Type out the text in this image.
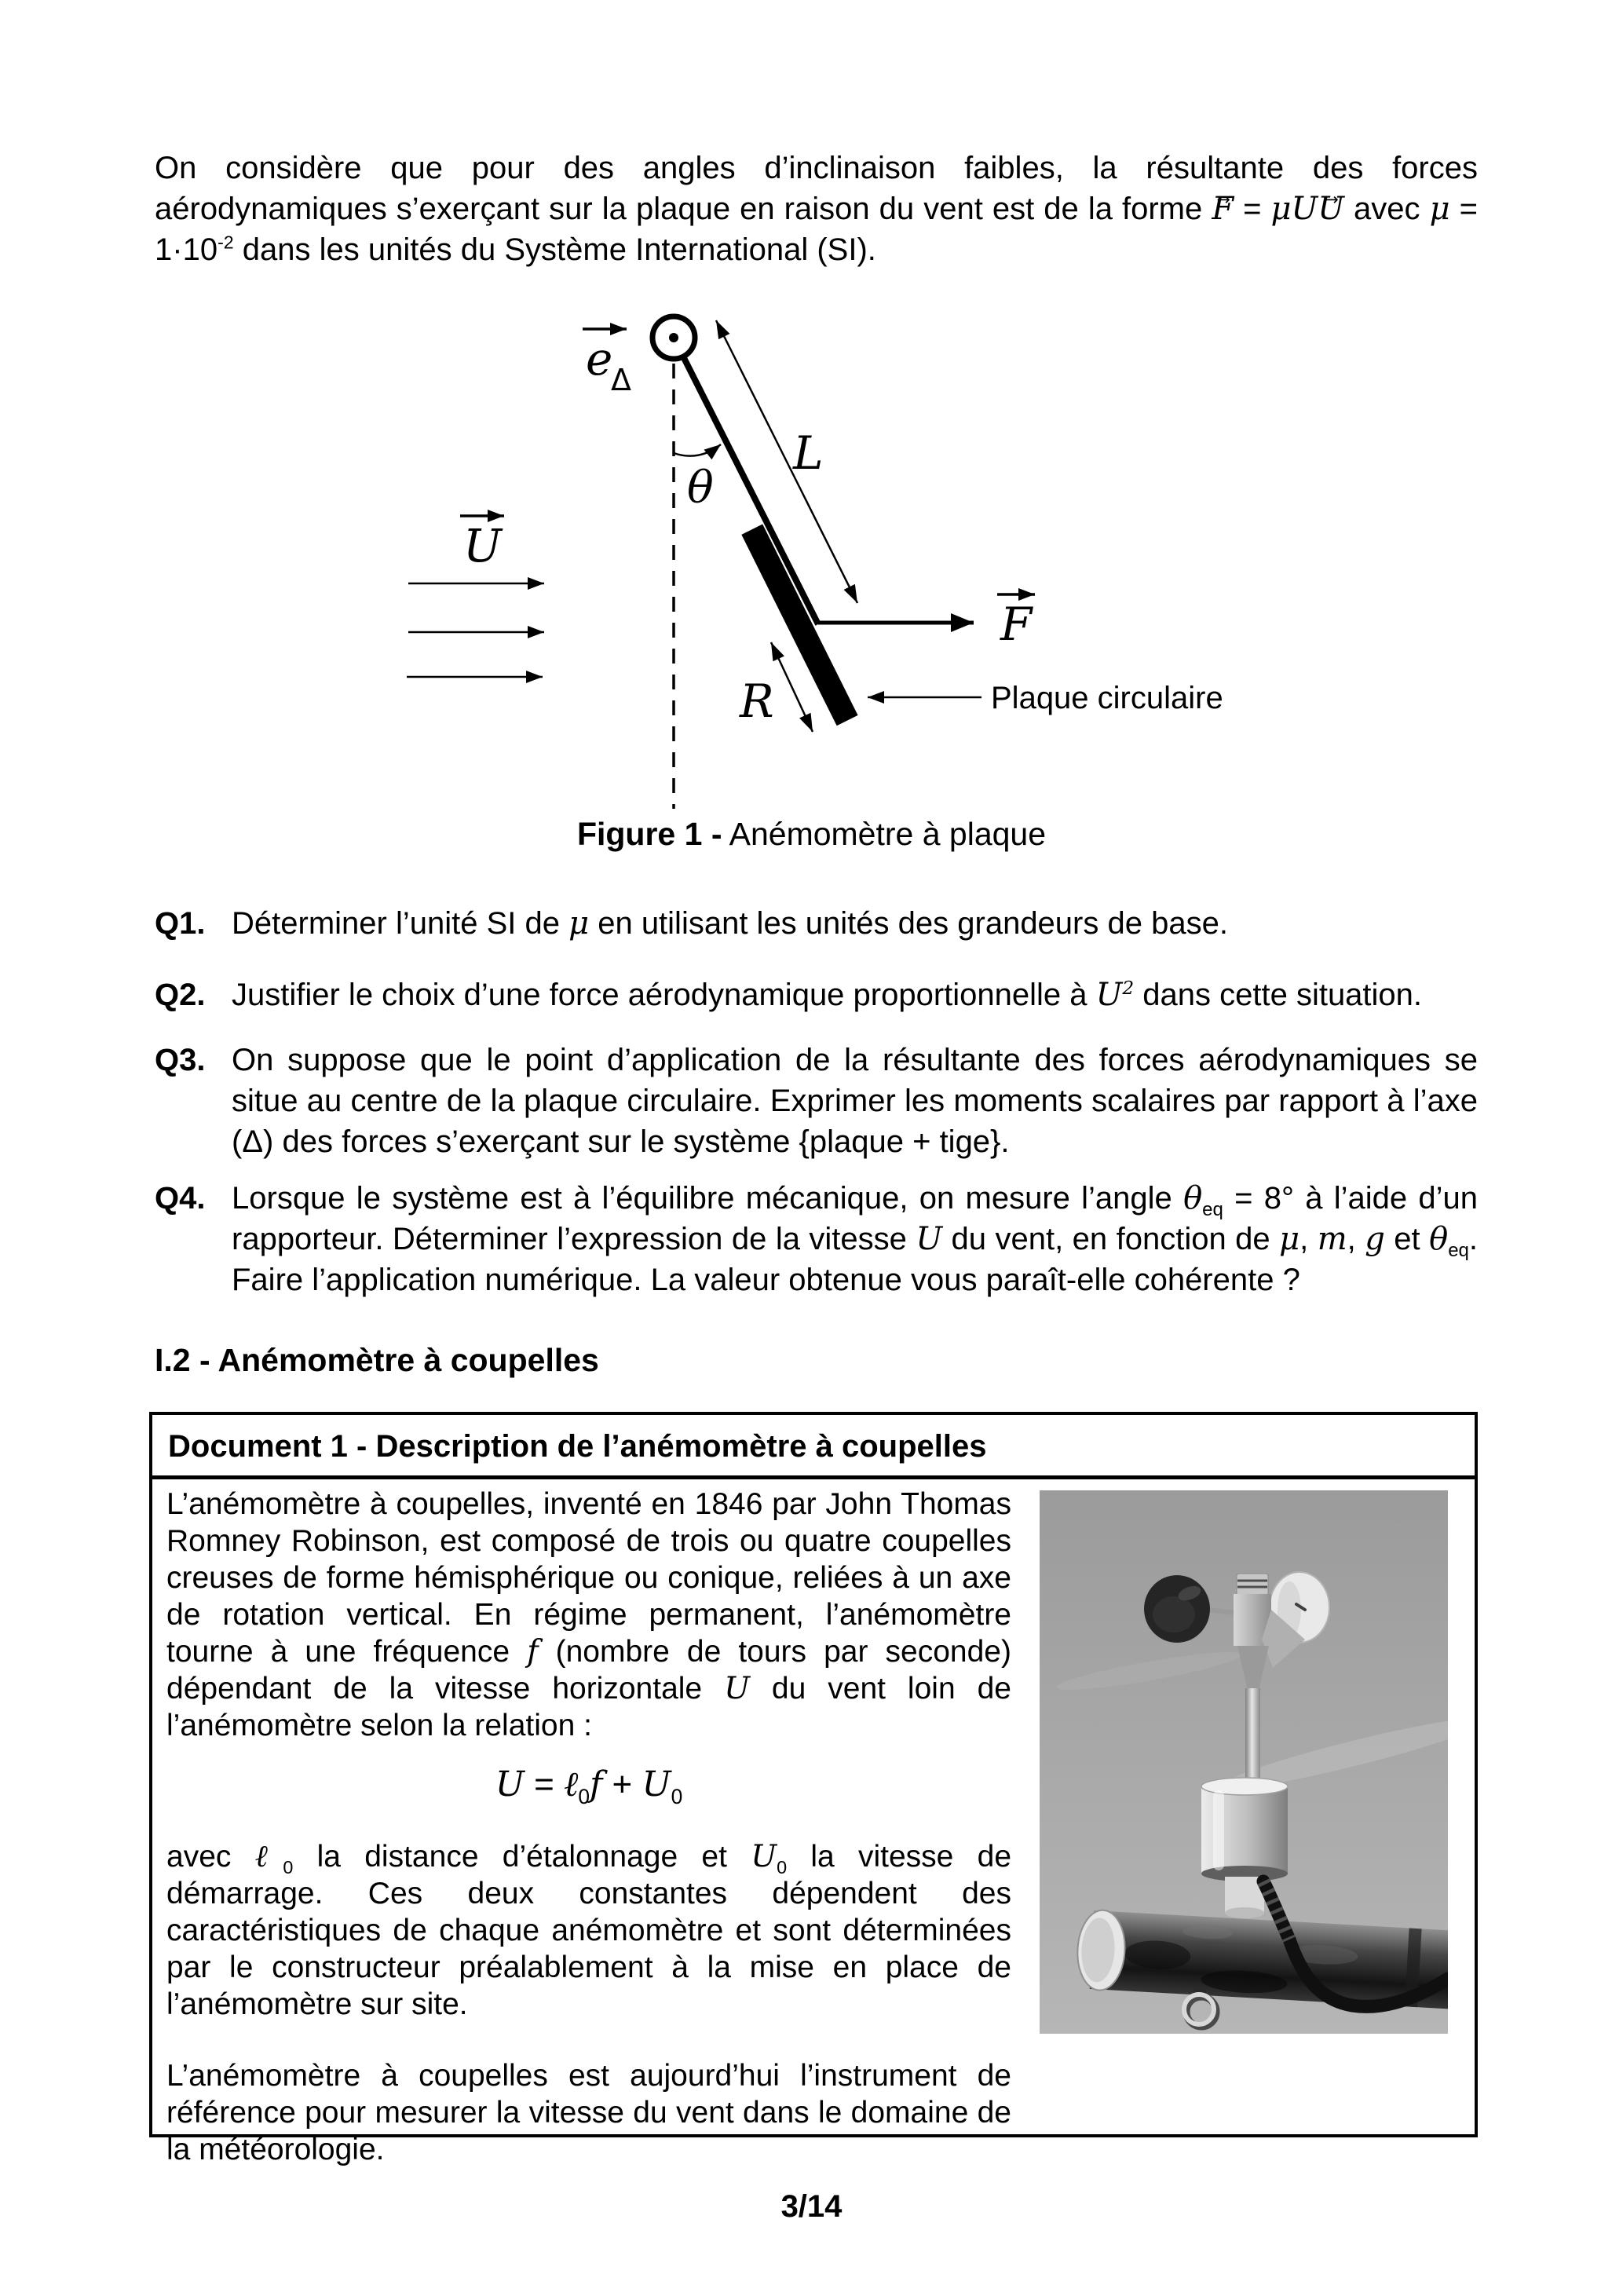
On considère que pour des angles d’inclinaison faibles, la résultante des forces aérodynamiques s’exerçant sur la plaque en raison du vent est de la forme F → = μUU → avec $\mu = 1\cdot 10^{-2}$ dans les unités du Système International (SI).
L
e
Δ
θ
U
F
R	Plaque circulaire
Figure 1 - Anémomètre à plaque
Q1. Déterminer l’unité SI de μ en utilisant les unités des grandeurs de base.
Q2. Justifier le choix d’une force aérodynamique proportionnelle à $U^2$ dans cette situation.
Q3. On suppose que le point d’application de la résultante des forces aérodynamiques se situe au centre de la plaque circulaire. Exprimer les moments scalaires par rapport à l’axe (Δ) des forces s’exerçant sur le système {plaque + tige}.
Q4. Lorsque le système est à l’équilibre mécanique, on mesure l’angle $\theta_{eq} = 8^\circ$ à l’aide d’un rapporteur. Déterminer l’expression de la vitesse U du vent, en fonction de μ, m, g et $\theta_{eq}$. Faire l’application numérique. La valeur obtenue vous paraît-elle cohérente ?
I.2 - Anémomètre à coupelles
Document 1 - Description de l’anémomètre à coupelles

L’anémomètre à coupelles, inventé en 1846 par John Thomas Romney Robinson, est composé de trois ou quatre coupelles creuses de forme hémisphérique ou conique, reliées à un axe de rotation vertical. En régime permanent, l’anémomètre tourne à une fréquence f (nombre de tours par seconde) dépendant de la vitesse horizontale U du vent loin de l’anémomètre selon la relation :

U = ℓ$_0$f + $U_0$

avec ℓ$_0$ la distance d’étalonnage et $U_0$ la vitesse de démarrage. Ces deux constantes dépendent des caractéristiques de chaque anémomètre et sont déterminées par le constructeur préalablement à la mise en place de l’anémomètre sur site.

L’anémomètre à coupelles est aujourd’hui l’instrument de référence pour mesurer la vitesse du vent dans le domaine de la météorologie.

3/14
